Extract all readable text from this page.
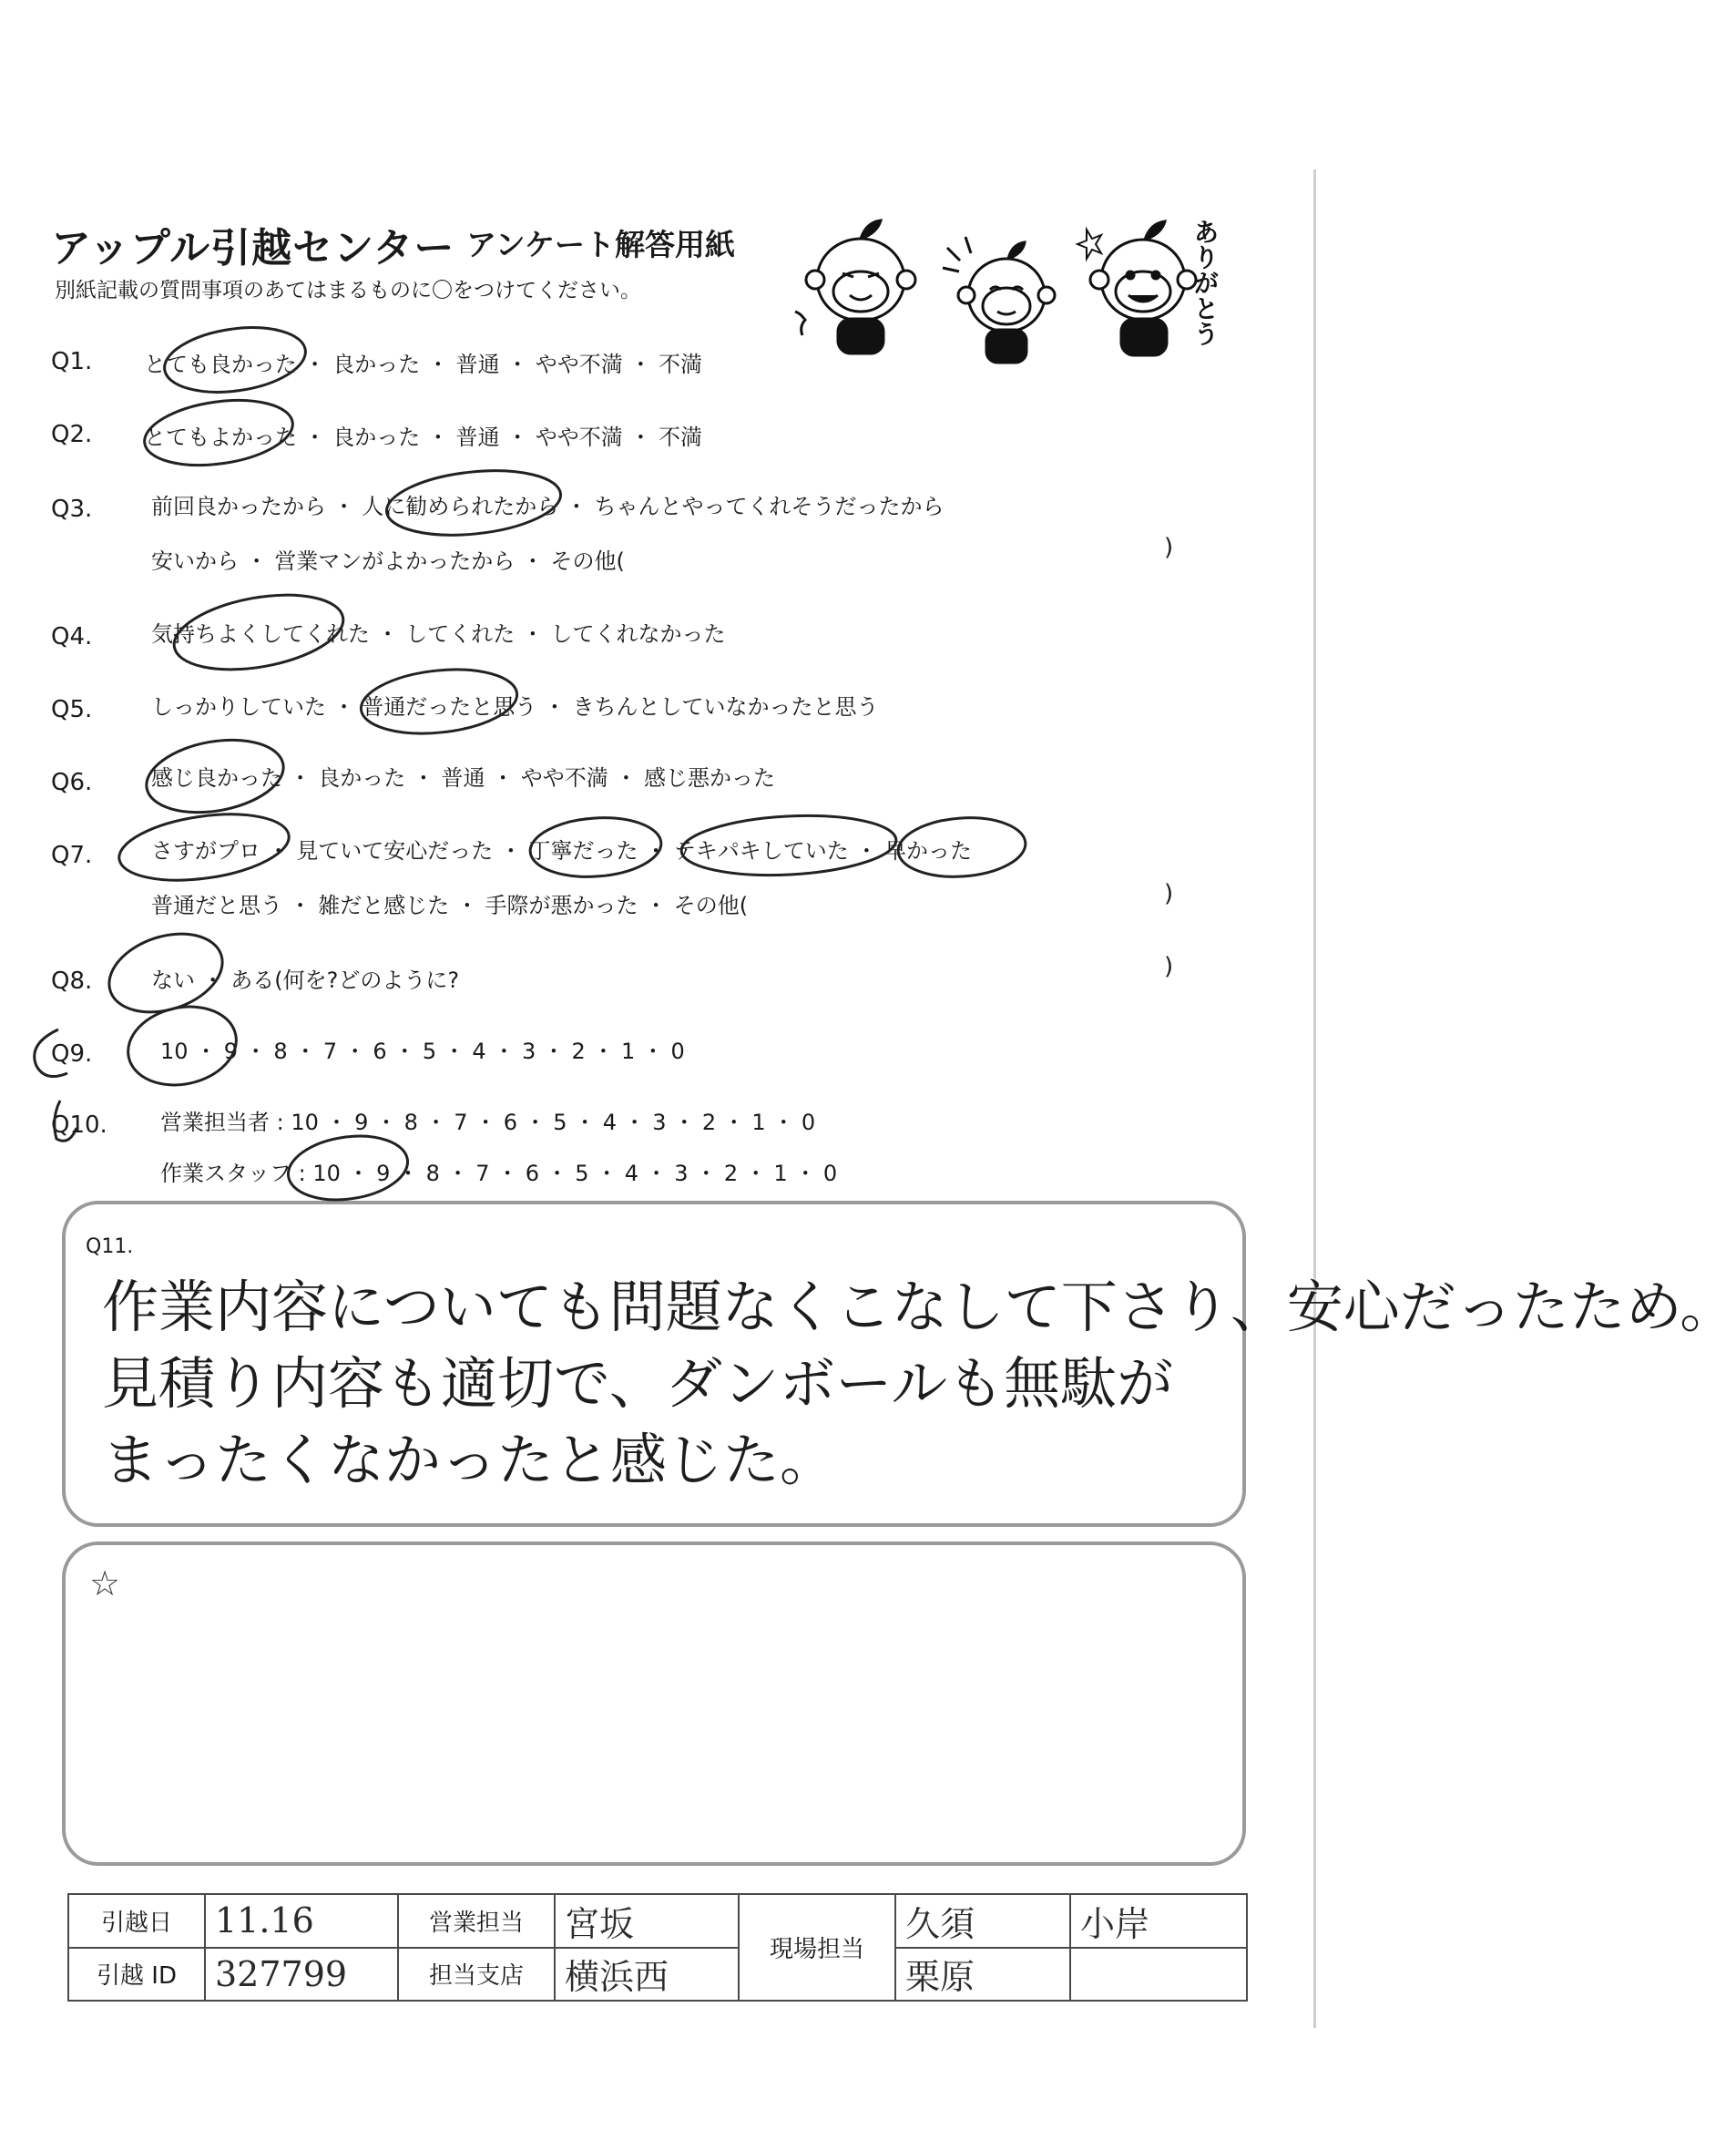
アップル引越センター アンケート解答用紙
別紙記載の質問事項のあてはまるものに〇をつけてください。	ありがとう
Q1. とても良かった ・ 良かった ・ 普通 ・ やや不満 ・ 不満
Q2. とてもよかった ・ 良かった ・ 普通 ・ やや不満 ・ 不満
Q3.	前回良かったから ・ 人に勧められたから ・ ちゃんとやってくれそうだったから
安いから ・ 営業マンがよかったから ・ その他(	)
Q4.	気持ちよくしてくれた ・ してくれた ・ してくれなかった
Q5.	しっかりしていた ・ 普通だったと思う ・ きちんとしていなかったと思う
Q6.	感じ良かった ・ 良かった ・ 普通 ・ やや不満 ・ 感じ悪かった
Q7.	さすがプロ ・ 見ていて安心だった ・ 丁寧だった ・ テキパキしていた ・ 早かった
普通だと思う ・ 雑だと感じた ・ 手際が悪かった ・ その他(	)
Q8.	ない ・ ある(何を?どのように?	)
Q9.	10 ・ 9 ・ 8 ・ 7 ・ 6 ・ 5 ・ 4 ・ 3 ・ 2 ・ 1 ・ 0
Q10. 営業担当者 : 10 ・ 9 ・ 8 ・ 7 ・ 6 ・ 5 ・ 4 ・ 3 ・ 2 ・ 1 ・ 0
作業スタッフ : 10 ・ 9 ・ 8 ・ 7 ・ 6 ・ 5 ・ 4 ・ 3 ・ 2 ・ 1 ・ 0
Q11.
作業内容についても問題なくこなして下さり、安心だったため。
見積り内容も適切で、ダンボールも無駄が
まったくなかったと感じた。
☆
引越日	11.16	営業担当	宮坂	現場担当	久須	小岸
引越 ID	327799	担当支店	横浜西		栗原	
